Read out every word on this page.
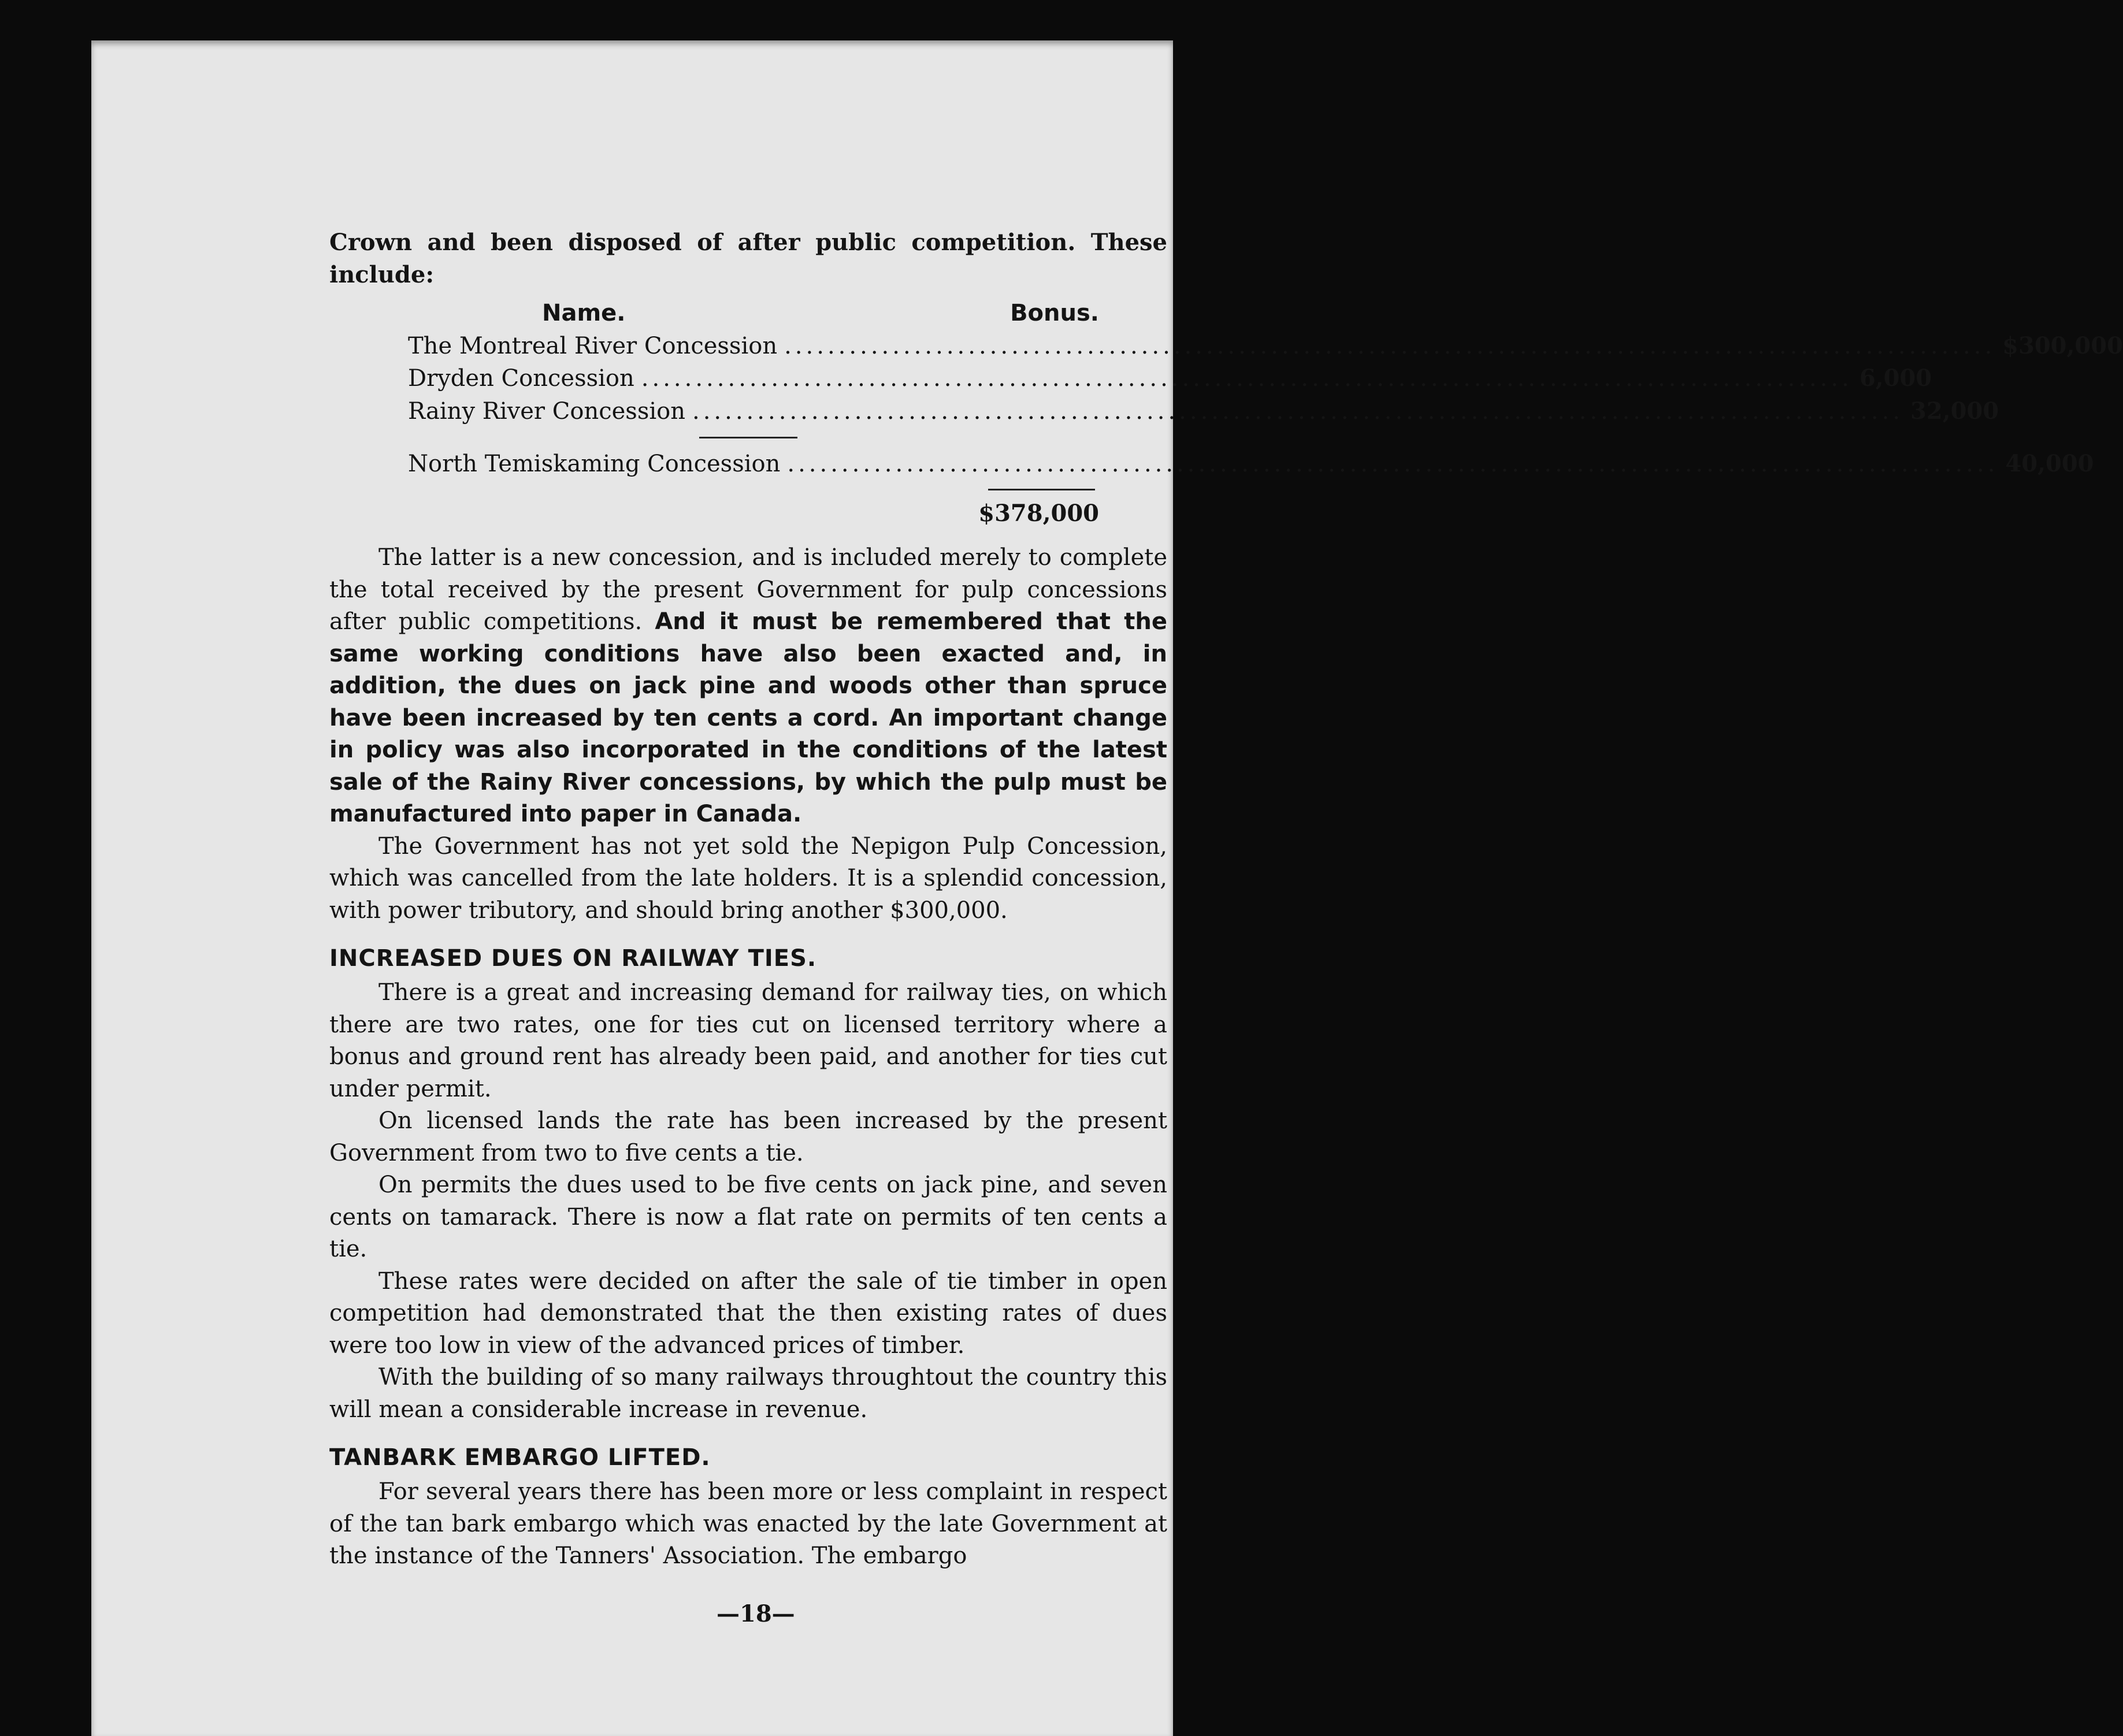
Crown and been disposed of after public competition. These include:

Name.	Bonus.
The Montreal River Concession ................................................................................................................ $300,000
Dryden Concession ................................................................................................................ 6,000
Rainy River Concession ................................................................................................................ 32,000
North Temiskaming Concession ................................................................................................................ 40,000
$378,000

The latter is a new concession, and is included merely to complete the total received by the present Government for pulp concessions after public competitions. And it must be remembered that the same working conditions have also been exacted and, in addition, the dues on jack pine and woods other than spruce have been increased by ten cents a cord. An important change in policy was also incorporated in the conditions of the latest sale of the Rainy River concessions, by which the pulp must be manufactured into paper in Canada.

The Government has not yet sold the Nepigon Pulp Concession, which was cancelled from the late holders. It is a splendid concession, with power tributory, and should bring another $300,000.

INCREASED DUES ON RAILWAY TIES.

There is a great and increasing demand for railway ties, on which there are two rates, one for ties cut on licensed territory where a bonus and ground rent has already been paid, and another for ties cut under permit.

On licensed lands the rate has been increased by the present Government from two to five cents a tie.

On permits the dues used to be five cents on jack pine, and seven cents on tamarack. There is now a flat rate on permits of ten cents a tie.

These rates were decided on after the sale of tie timber in open competition had demonstrated that the then existing rates of dues were too low in view of the advanced prices of timber.

With the building of so many railways throughtout the country this will mean a considerable increase in revenue.

TANBARK EMBARGO LIFTED.

For several years there has been more or less complaint in respect of the tan bark embargo which was enacted by the late Government at the instance of the Tanners' Association. The embargo

—18—
